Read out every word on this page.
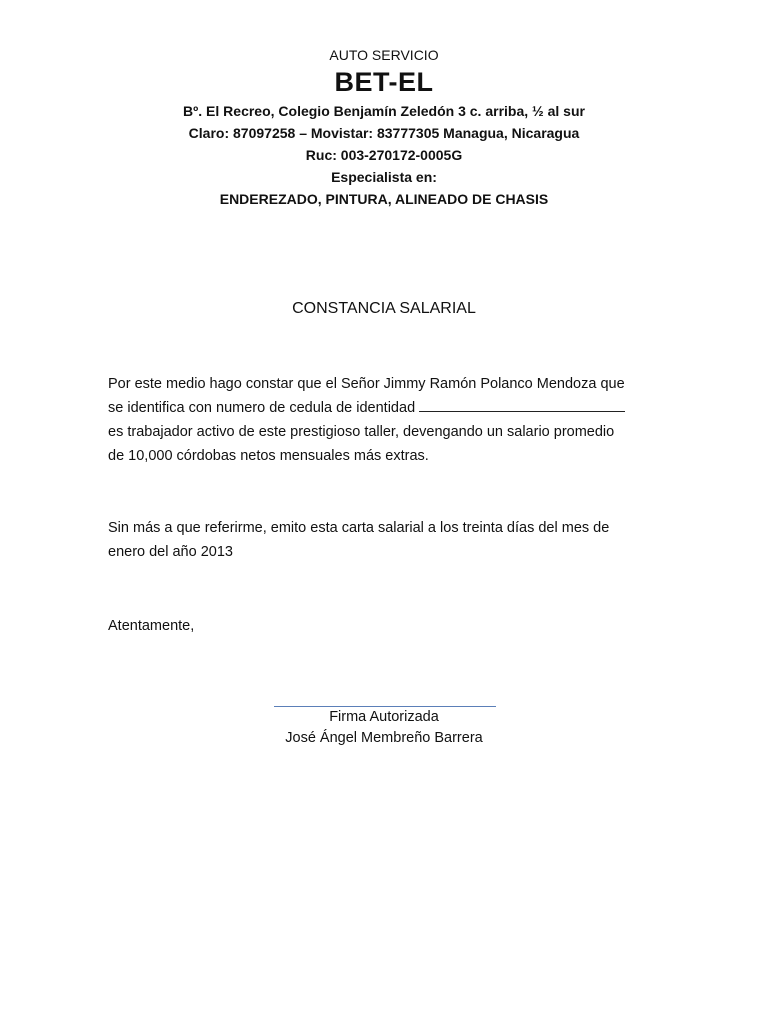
AUTO SERVICIO
BET-EL
Bº. El Recreo, Colegio Benjamín Zeledón 3 c. arriba, ½ al sur
Claro: 87097258 – Movistar: 83777305 Managua, Nicaragua
Ruc: 003-270172-0005G
Especialista en:
ENDEREZADO, PINTURA, ALINEADO DE CHASIS
CONSTANCIA SALARIAL
Por este medio hago constar que el Señor Jimmy Ramón Polanco Mendoza que
se identifica con numero de cedula de identidad
es trabajador activo de este prestigioso taller, devengando un salario promedio
de 10,000 córdobas netos mensuales más extras.
Sin más a que referirme, emito esta carta salarial a los treinta días del mes de
enero del año 2013
Atentamente,
Firma Autorizada
José Ángel Membreño Barrera
